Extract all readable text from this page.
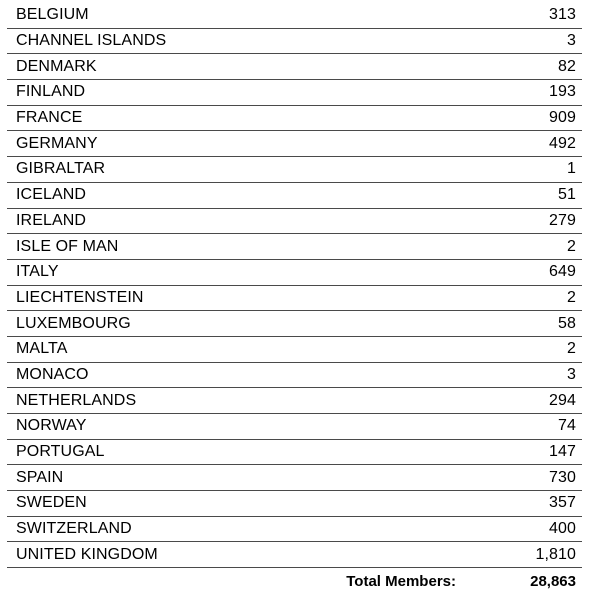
BELGIUM	313
CHANNEL ISLANDS	3
DENMARK	82
FINLAND	193
FRANCE	909
GERMANY	492
GIBRALTAR	1
ICELAND	51
IRELAND	279
ISLE OF MAN	2
ITALY	649
LIECHTENSTEIN	2
LUXEMBOURG	58
MALTA	2
MONACO	3
NETHERLANDS	294
NORWAY	74
PORTUGAL	147
SPAIN	730
SWEDEN	357
SWITZERLAND	400
UNITED KINGDOM	1,810
Total Members:	28,863
